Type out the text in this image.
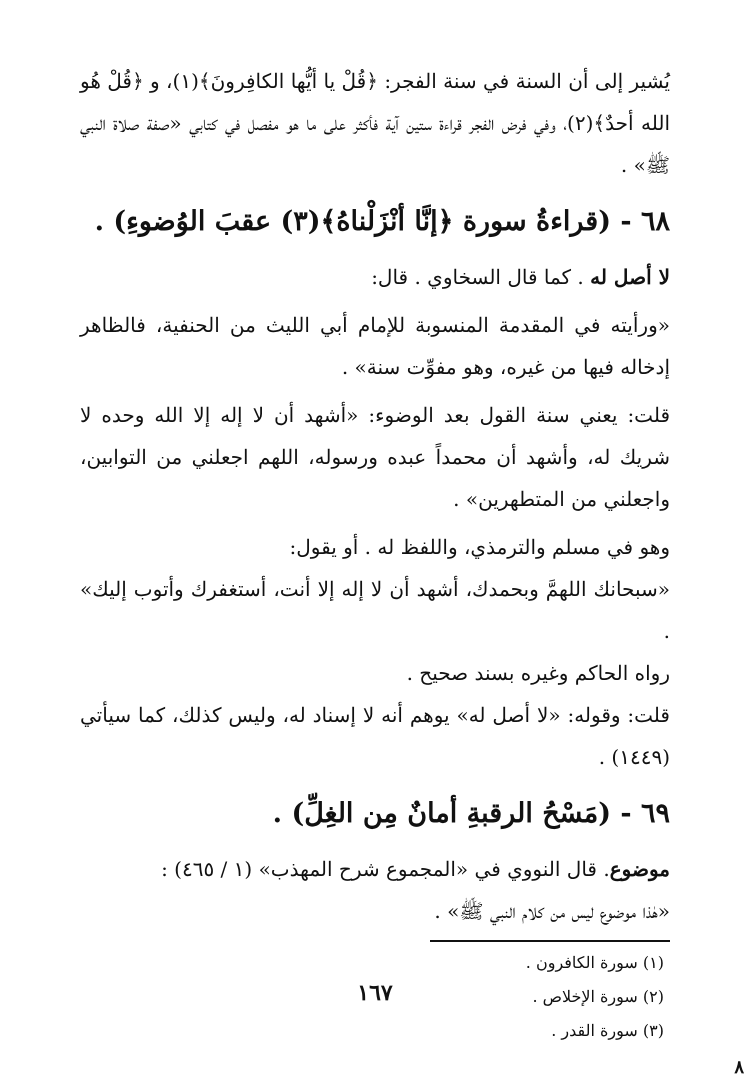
يُشير إلى أن السنة في سنة الفجر: ﴿قُلْ يا أيُّها الكافِرونَ﴾(١)، و ﴿قُلْ هُو الله أحدٌ﴾(٢)، وفي فرض الفجر قراءة ستين آية فأكثر على ما هو مفصل في كتابي «صفة صلاة النبي ﷺ» .

٦٨ - (قراءةُ سورة ﴿إنَّا أنْزَلْناهُ﴾(٣) عقبَ الوُضوءِ) .

لا أصل له . كما قال السخاوي . قال:

«ورأيته في المقدمة المنسوبة للإمام أبي الليث من الحنفية، فالظاهر إدخاله فيها من غيره، وهو مفوِّت سنة» .

قلت: يعني سنة القول بعد الوضوء: «أشهد أن لا إله إلا الله وحده لا شريك له، وأشهد أن محمداً عبده ورسوله، اللهم اجعلني من التوابين، واجعلني من المتطهرين» .

وهو في مسلم والترمذي، واللفظ له . أو يقول:

«سبحانك اللهمَّ وبحمدك، أشهد أن لا إله إلا أنت، أستغفرك وأتوب إليك» .

رواه الحاكم وغيره بسند صحيح .

قلت: وقوله: «لا أصل له» يوهم أنه لا إسناد له، وليس كذلك، كما سيأتي (١٤٤٩) .

٦٩ - (مَسْحُ الرقبةِ أمانٌ مِن الغِلِّ) .

موضوع. قال النووي في «المجموع شرح المهذب» (١ / ٤٦٥) :

«هٰذا موضوع ليس من كلام النبي ﷺ» .

(١) سورة الكافرون .

(٢) سورة الإخلاص .

(٣) سورة القدر .

١٦٧
٨
